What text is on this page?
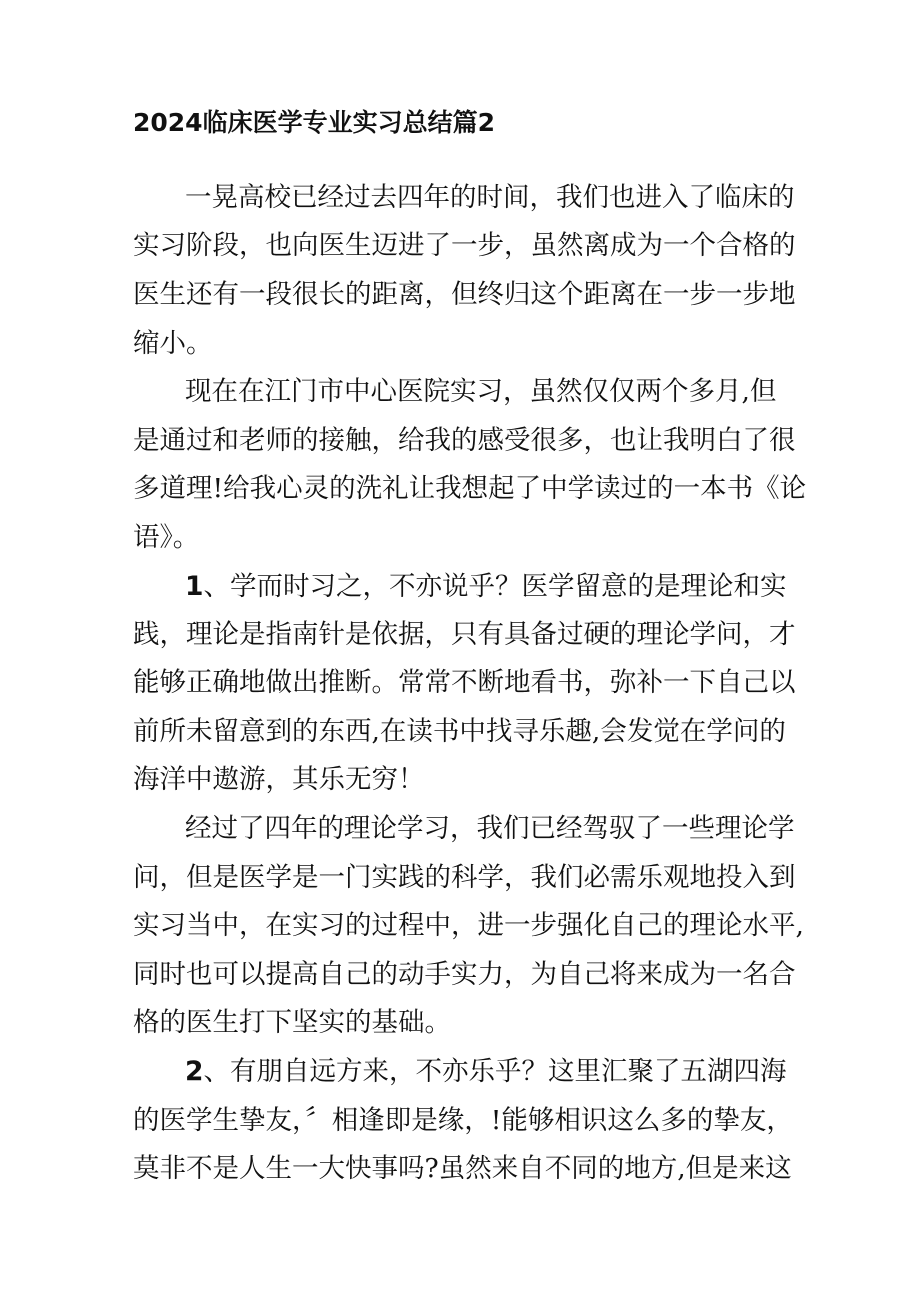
2024临床医学专业实习总结篇2
一晃高校已经过去四年的时间，我们也进入了临床的
实习阶段，也向医生迈进了一步，虽然离成为一个合格的
医生还有一段很长的距离，但终归这个距离在一步一步地
缩小。
现在在江门市中心医院实习，虽然仅仅两个多月,但
是通过和老师的接触，给我的感受很多，也让我明白了很
多道理!给我心灵的洗礼让我想起了中学读过的一本书《论
语》。
1、学而时习之，不亦说乎？医学留意的是理论和实
践，理论是指南针是依据，只有具备过硬的理论学问，才
能够正确地做出推断。常常不断地看书，弥补一下自己以
前所未留意到的东西,在读书中找寻乐趣,会发觉在学问的
海洋中遨游，其乐无穷！
经过了四年的理论学习，我们已经驾驭了一些理论学
问，但是医学是一门实践的科学，我们必需乐观地投入到
实习当中，在实习的过程中，进一步强化自己的理论水平,
同时也可以提高自己的动手实力，为自己将来成为一名合
格的医生打下坚实的基础。
2、有朋自远方来，不亦乐乎？这里汇聚了五湖四海
的医学生挚友，〞相逢即是缘，!能够相识这么多的挚友，
莫非不是人生一大快事吗?虽然来自不同的地方,但是来这
